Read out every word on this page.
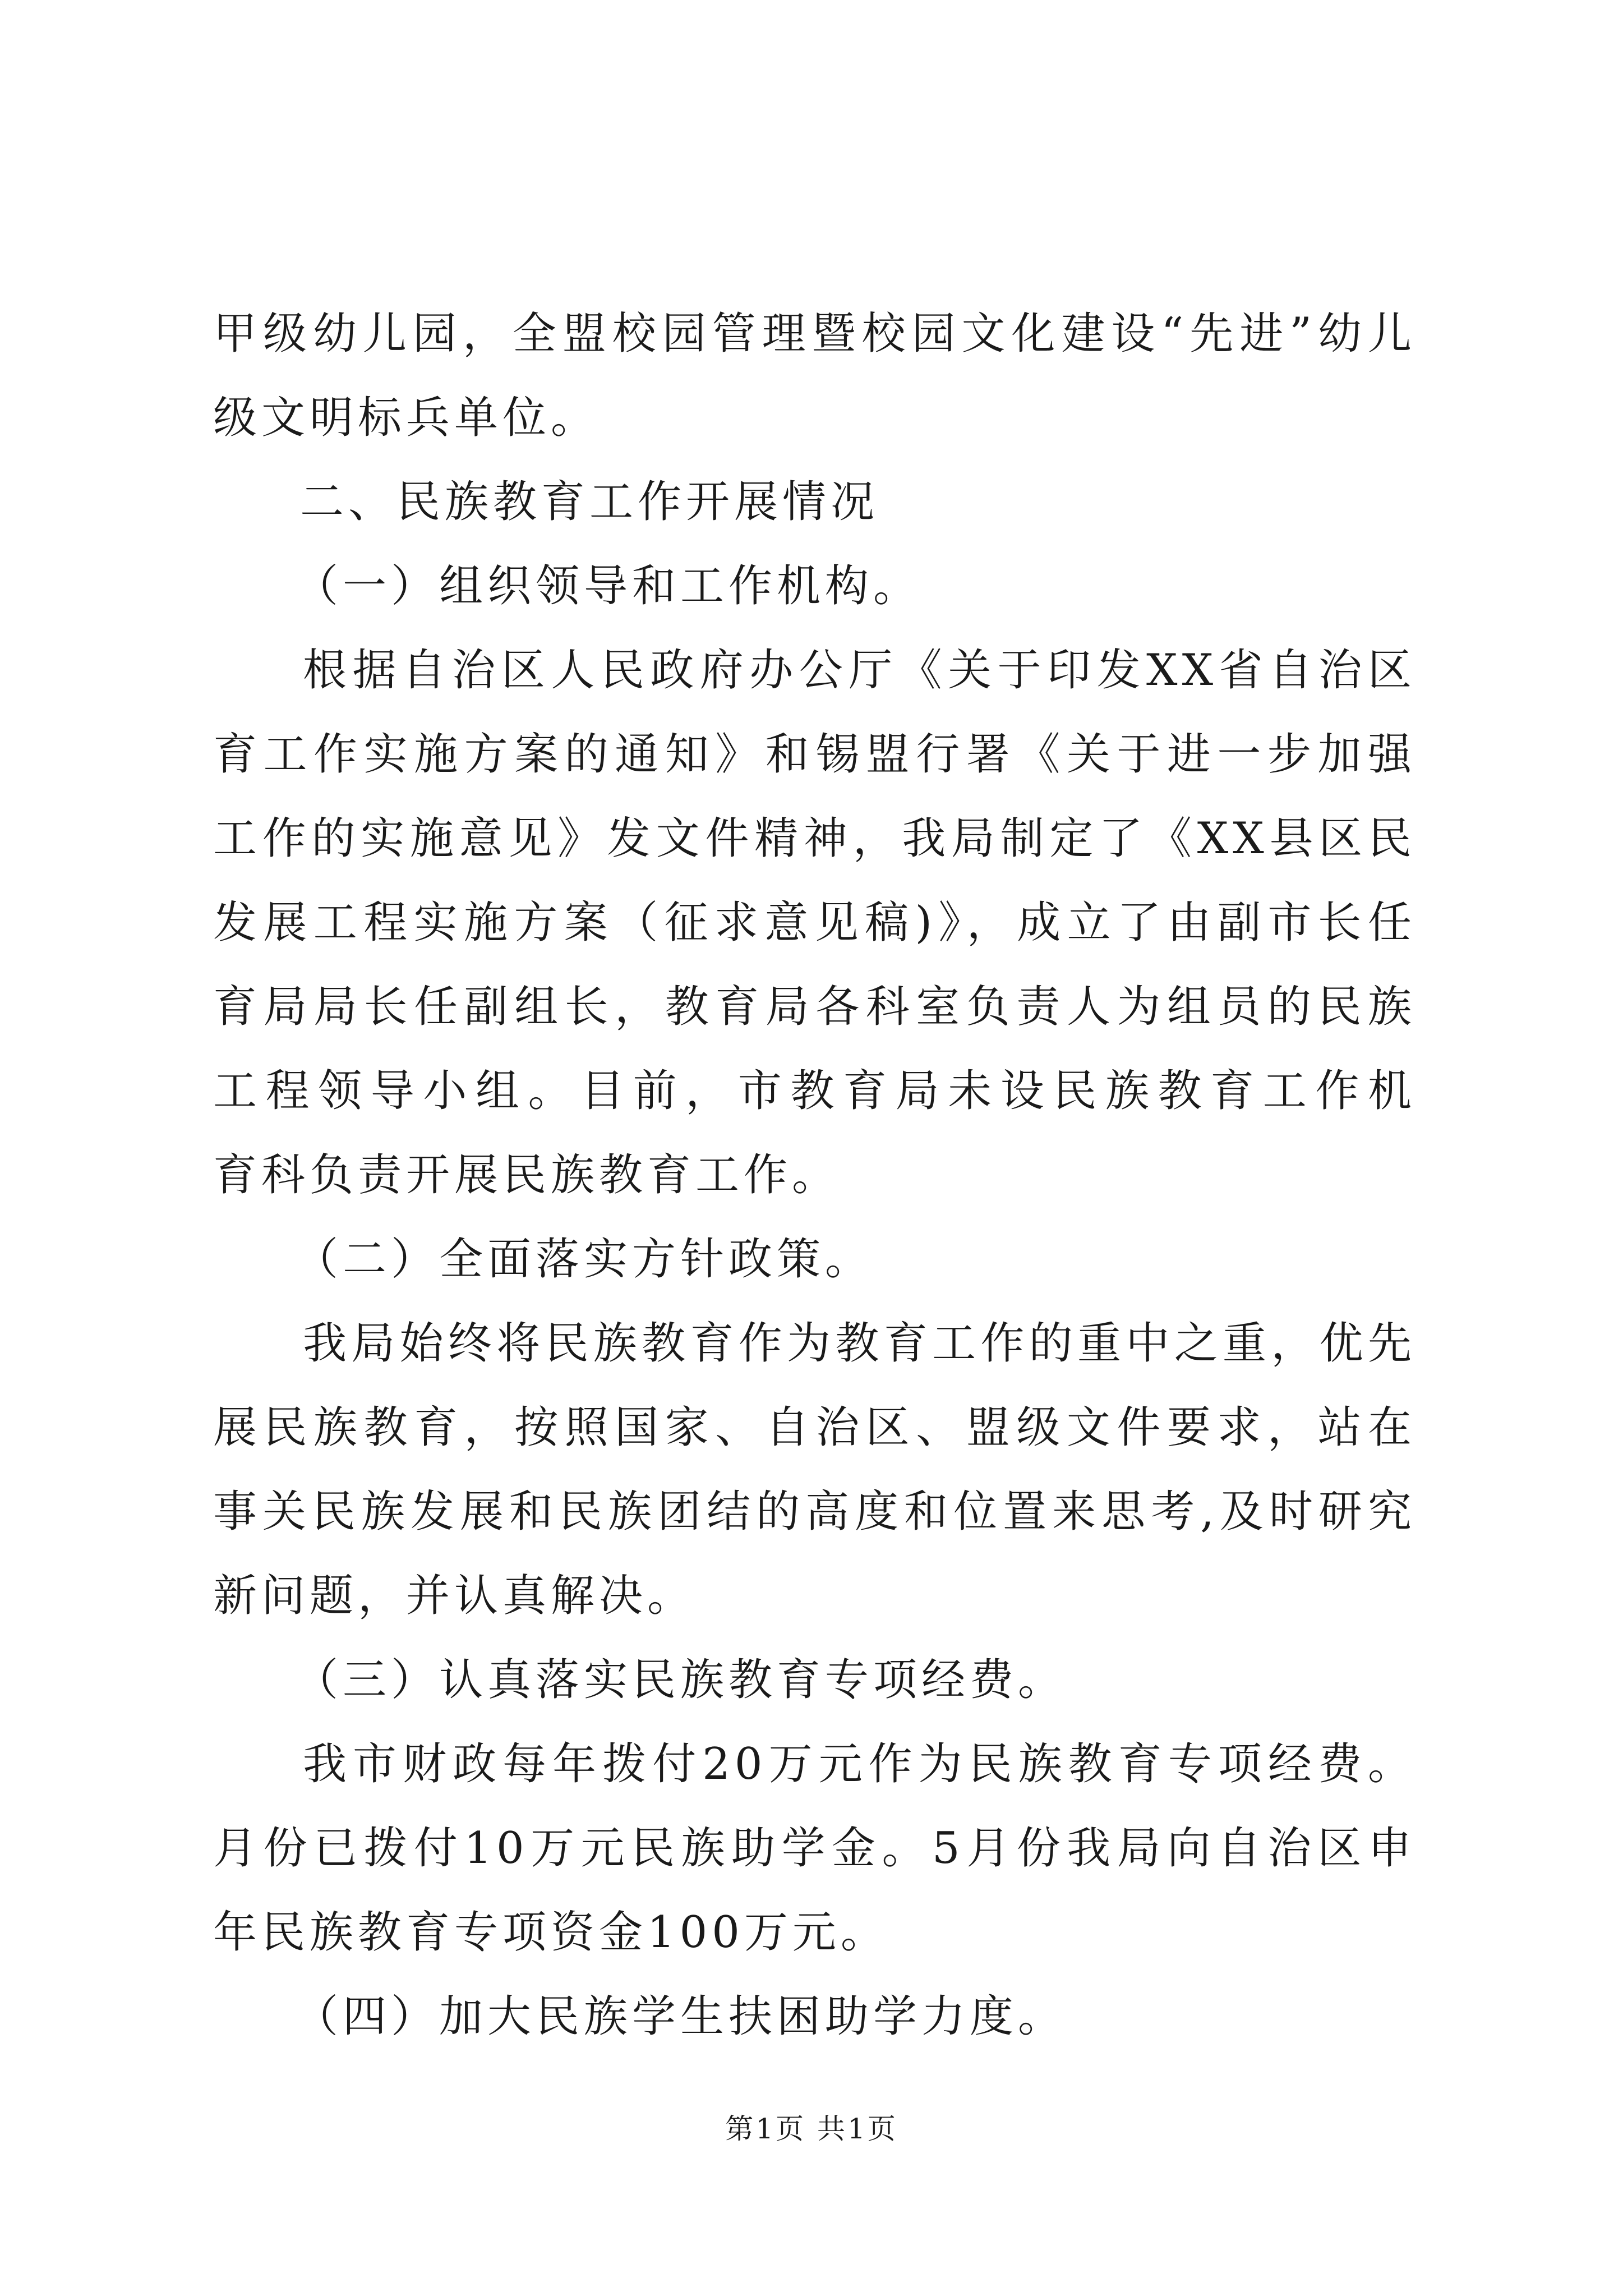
甲级幼儿园，全盟校园管理暨校园文化建设“先进”幼儿
级文明标兵单位。
二、民族教育工作开展情况
（一）组织领导和工作机构。
根据自治区人民政府办公厅《关于印发XX省自治区
育工作实施方案的通知》和锡盟行署《关于进一步加强
工作的实施意见》发文件精神，我局制定了《XX县区民
发展工程实施方案（征求意见稿)》，成立了由副市长任
育局局长任副组长，教育局各科室负责人为组员的民族
工程领导小组。目前，市教育局未设民族教育工作机
育科负责开展民族教育工作。
（二）全面落实方针政策。
我局始终将民族教育作为教育工作的重中之重，优先
展民族教育，按照国家、自治区、盟级文件要求，站在
事关民族发展和民族团结的高度和位置来思考,及时研究
新问题，并认真解决。
（三）认真落实民族教育专项经费。
我市财政每年拨付20万元作为民族教育专项经费。
月份已拨付10万元民族助学金。5月份我局向自治区申
年民族教育专项资金100万元。
（四）加大民族学生扶困助学力度。
第1页 共1页
